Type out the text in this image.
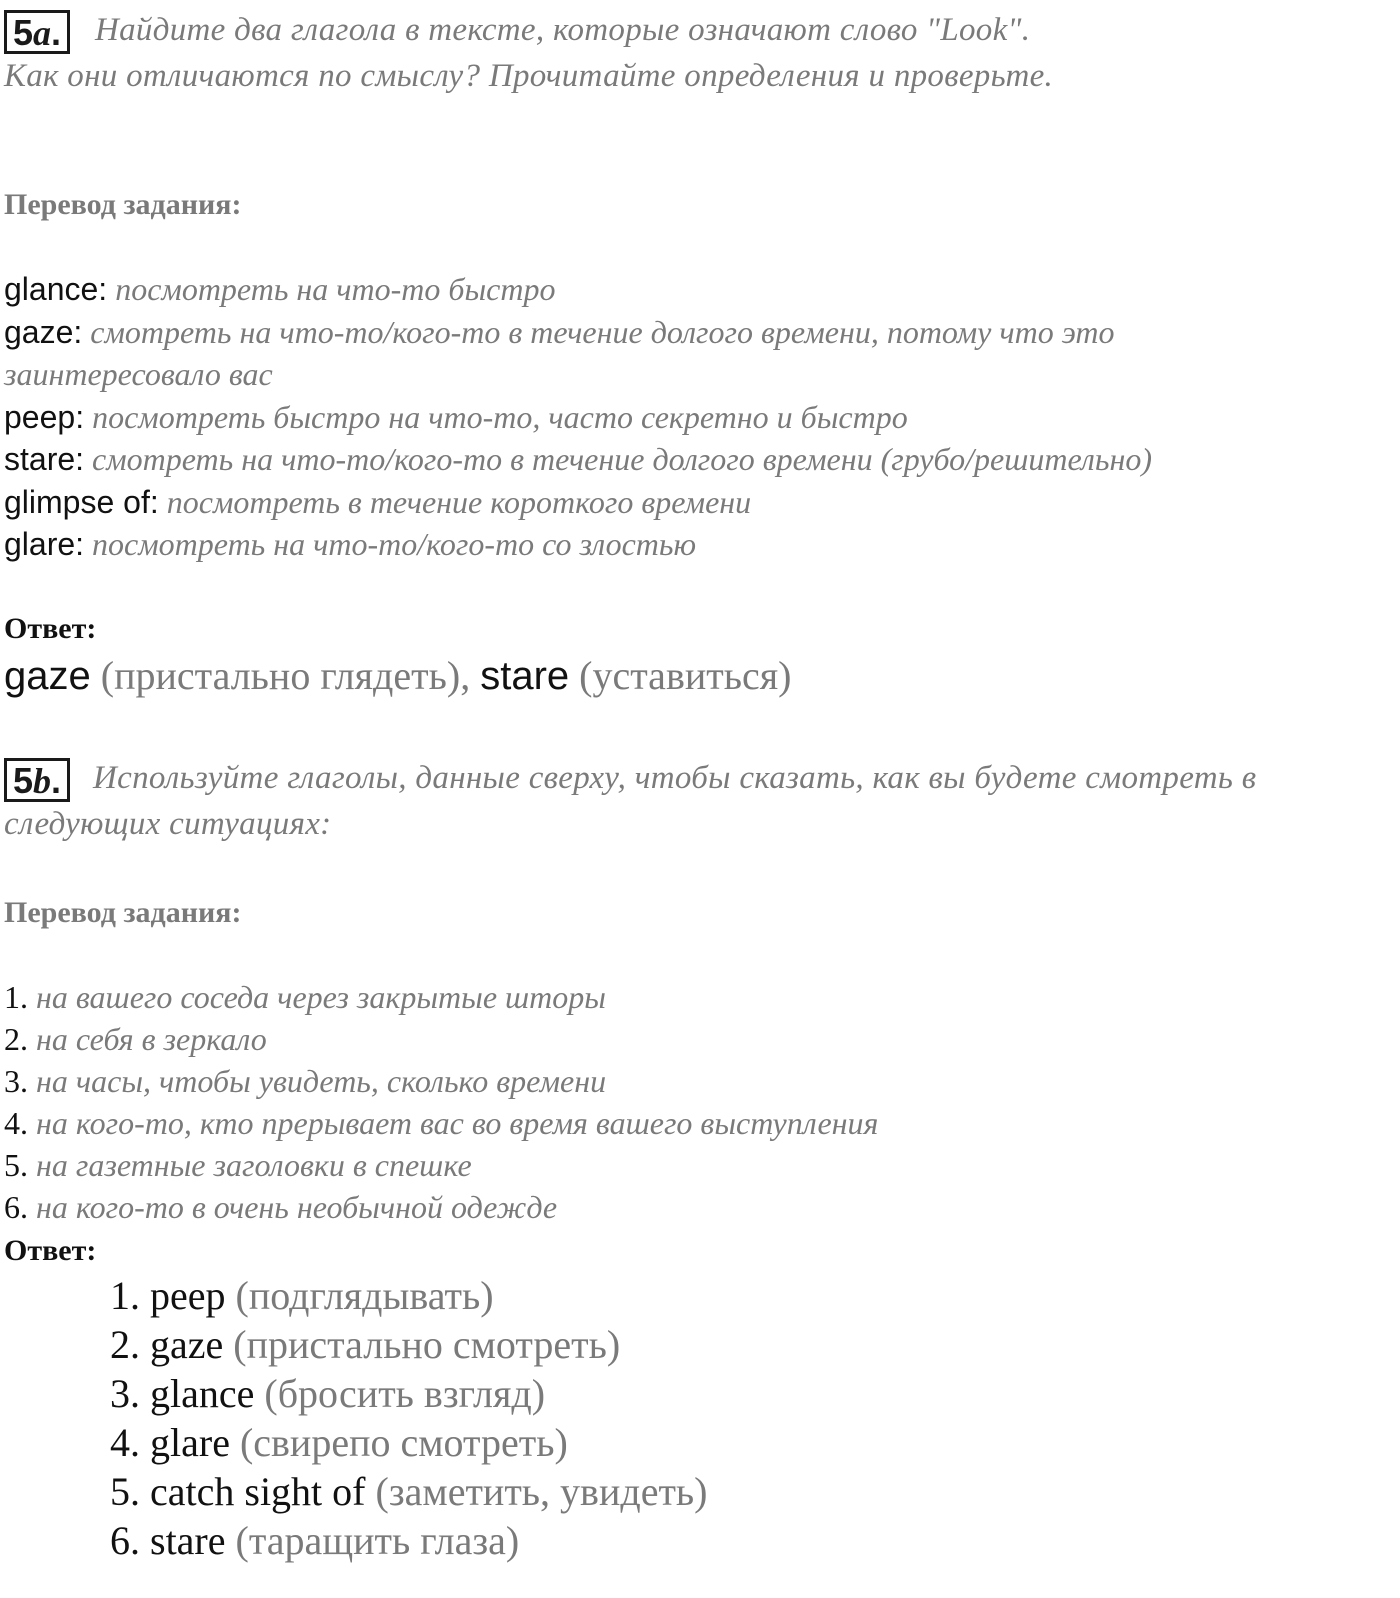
5a. Найдите два глагола в тексте, которые означают слово "Look".
Как они отличаются по смыслу? Прочитайте определения и проверьте.
Перевод задания:
glance: посмотреть на что-то быстро
gaze: смотреть на что-то/кого-то в течение долгого времени, потому что это
заинтересовало вас
peep: посмотреть быстро на что-то, часто секретно и быстро
stare: смотреть на что-то/кого-то в течение долгого времени (грубо/решительно)
glimpse of: посмотреть в течение короткого времени
glare: посмотреть на что-то/кого-то со злостью
Ответ:
gaze (пристально глядеть), stare (уставиться)
5b. Используйте глаголы, данные сверху, чтобы сказать, как вы будете смотреть в
следующих ситуациях:
Перевод задания:
1. на вашего соседа через закрытые шторы
2. на себя в зеркало
3. на часы, чтобы увидеть, сколько времени
4. на кого-то, кто прерывает вас во время вашего выступления
5. на газетные заголовки в спешке
6. на кого-то в очень необычной одежде
Ответ:
1. peep (подглядывать)
2. gaze (пристально смотреть)
3. glance (бросить взгляд)
4. glare (свирепо смотреть)
5. catch sight of (заметить, увидеть)
6. stare (таращить глаза)
